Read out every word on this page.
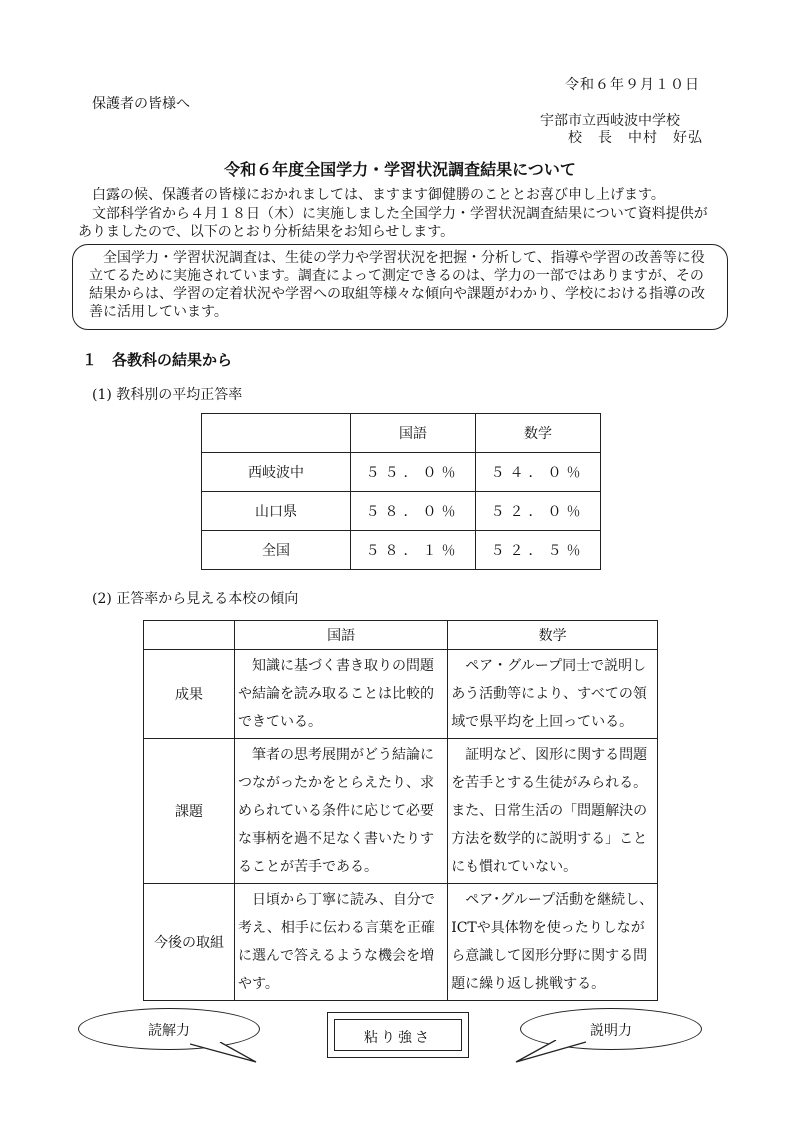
令和６年９月１０日
保護者の皆様へ
宇部市立西岐波中学校
校　長　中村　好弘
令和６年度全国学力・学習状況調査結果について
白露の候、保護者の皆様におかれましては、ますます御健勝のこととお喜び申し上げます。
　文部科学省から４月１８日（木）に実施しました全国学力・学習状況調査結果について資料提供がありましたので、以下のとおり分析結果をお知らせします。

全国学力・学習状況調査は、生徒の学力や学習状況を把握・分析して、指導や学習の改善等に役立てるために実施されています。調査によって測定できるのは、学力の一部ではありますが、その結果からは、学習の定着状況や学習への取組等様々な傾向や課題がわかり、学校における指導の改善に活用しています。

１　各教科の結果から
(1) 教科別の平均正答率
	国語	数学
西岐波中	５５．０％	５４．０％
山口県	５８．０％	５２．０％
全国	５８．１％	５２．５％
(2) 正答率から見える本校の傾向
	国語	数学
成果	知識に基づく書き取りの問題や結論を読み取ることは比較的できている。	ペア・グループ同士で説明しあう活動等により、すべての領域で県平均を上回っている。
課題	筆者の思考展開がどう結論につながったかをとらえたり、求められている条件に応じて必要な事柄を過不足なく書いたりすることが苦手である。	証明など、図形に関する問題を苦手とする生徒がみられる。また、日常生活の「問題解決の方法を数学的に説明する」ことにも慣れていない。
今後の取組	日頃から丁寧に読み、自分で考え、相手に伝わる言葉を正確に選んで答えるような機会を増やす。	ペア･グループ活動を継続し、ICTや具体物を使ったりしながら意識して図形分野に関する問題に繰り返し挑戦する。
読解力	粘り強さ	説明力
